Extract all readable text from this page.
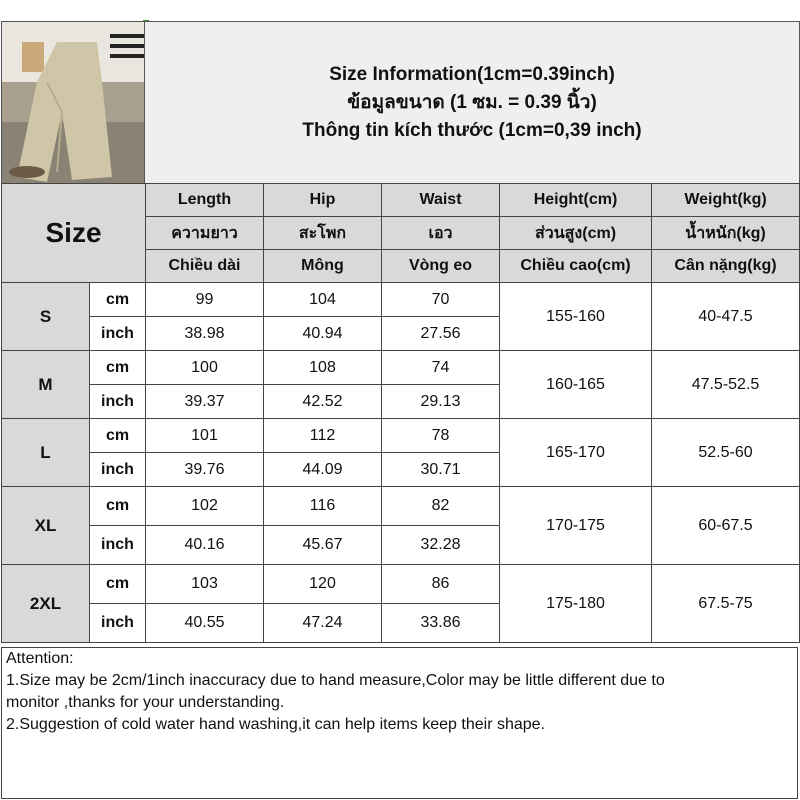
Size Information(1cm=0.39inch)
ข้อมูลขนาด (1 ซม. = 0.39 นิ้ว)
Thông tin kích thước (1cm=0,39 inch)
Size		Length	Hip	Waist	Height(cm)	Weight(kg)
		ความยาว	สะโพก	เอว	ส่วนสูง(cm)	น้ำหนัก(kg)
		Chiều dài	Mông	Vòng eo	Chiều cao(cm)	Cân nặng(kg)
S	cm	99	104	70	155-160	40-47.5
	inch	38.98	40.94	27.56		
M	cm	100	108	74	160-165	47.5-52.5
	inch	39.37	42.52	29.13		
L	cm	101	112	78	165-170	52.5-60
	inch	39.76	44.09	30.71		
XL	cm	102	116	82	170-175	60-67.5
	inch	40.16	45.67	32.28		
2XL	cm	103	120	86	175-180	67.5-75
	inch	40.55	47.24	33.86		

Attention:

1.Size may be 2cm/1inch inaccuracy due to hand measure,Color may be little different due to

monitor ,thanks for your understanding.

2.Suggestion of cold water hand washing,it can help items keep their shape.
